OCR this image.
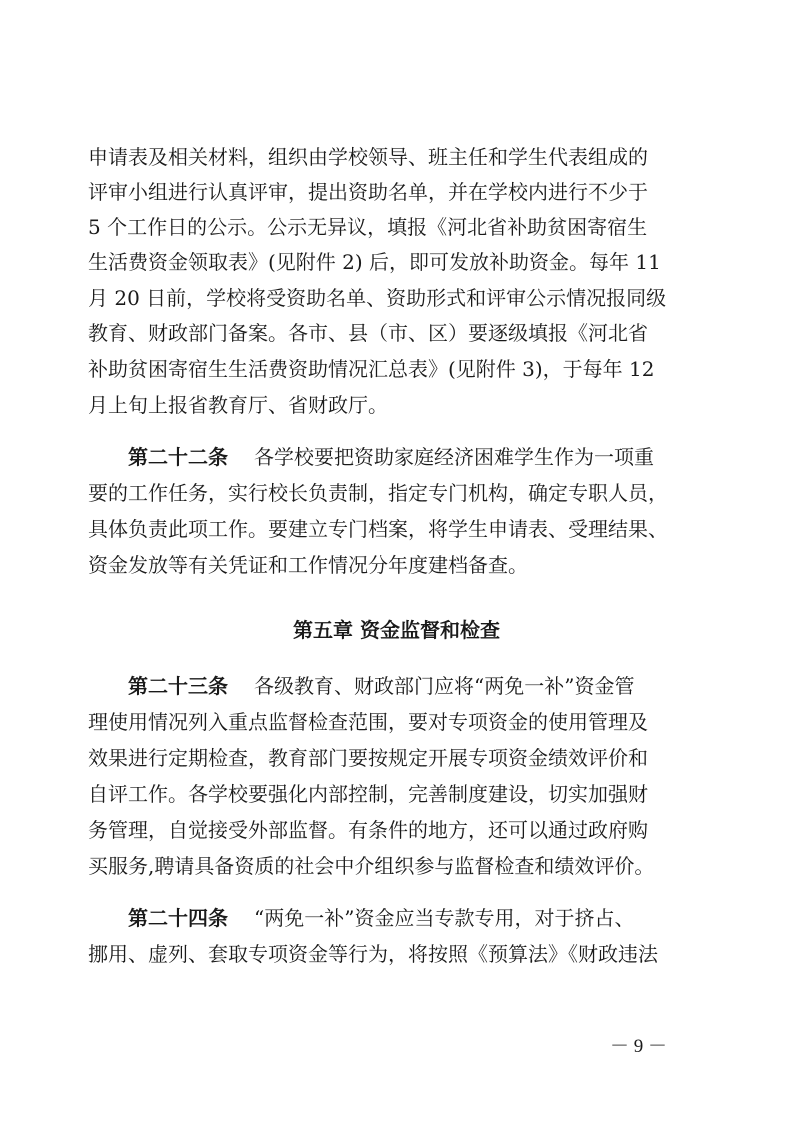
申请表及相关材料，组织由学校领导、班主任和学生代表组成的
评审小组进行认真评审，提出资助名单，并在学校内进行不少于
5 个工作日的公示。公示无异议，填报《河北省补助贫困寄宿生
生活费资金领取表》(见附件 2) 后，即可发放补助资金。每年 11
月 20 日前，学校将受资助名单、资助形式和评审公示情况报同级
教育、财政部门备案。各市、县（市、区）要逐级填报《河北省
补助贫困寄宿生生活费资助情况汇总表》(见附件 3)，于每年 12
月上旬上报省教育厅、省财政厅。
第二十二条 各学校要把资助家庭经济困难学生作为一项重
要的工作任务，实行校长负责制，指定专门机构，确定专职人员，
具体负责此项工作。要建立专门档案，将学生申请表、受理结果、
资金发放等有关凭证和工作情况分年度建档备查。
第五章 资金监督和检查
第二十三条 各级教育、财政部门应将“两免一补”资金管
理使用情况列入重点监督检查范围，要对专项资金的使用管理及
效果进行定期检查，教育部门要按规定开展专项资金绩效评价和
自评工作。各学校要强化内部控制，完善制度建设，切实加强财
务管理，自觉接受外部监督。有条件的地方，还可以通过政府购
买服务,聘请具备资质的社会中介组织参与监督检查和绩效评价。
第二十四条 “两免一补”资金应当专款专用，对于挤占、
挪用、虚列、套取专项资金等行为，将按照《预算法》《财政违法
－ 9 －
